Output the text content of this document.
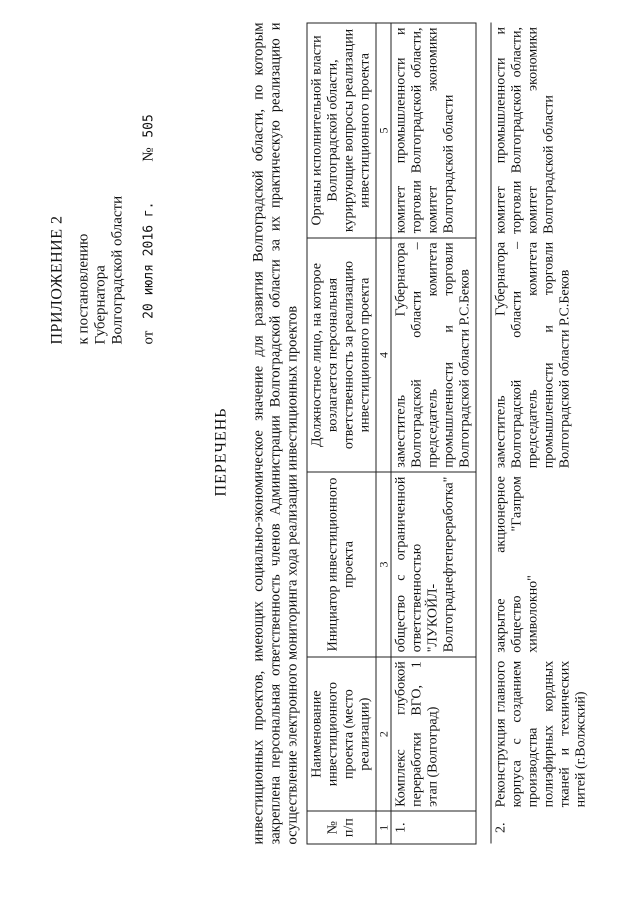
ПРИЛОЖЕНИЕ 2 к постановлению Губернатора Волгоградской области от 20 июля 2016 г. № 505
ПЕРЕЧЕНЬ инвестиционных проектов, имеющих социально-экономическое значение для развития Волгоградской области, по которым закреплена персональная ответственность членов Администрации Волгоградской области за их практическую реализацию и осуществление электронного мониторинга хода реализации инвестиционных проектов № п/п	Наименование инвестиционного проекта (место реализации)	Инициатор инвестиционного проекта	Должностное лицо, на которое возлагается персональная ответственность за реализацию инвестиционного проекта	Органы исполнительной власти Волгоградской области, курирующие вопросы реализации инвестиционного проекта
1	2	3	4	5
1.	Комплекс глубокой переработки ВГО, 1 этап (Волгоград)	общество с ограниченной ответственностью "ЛУКОЙЛ-Волгограднефтепереработка"	заместитель Губернатора Волгоградской области – председатель комитета промышленности и торговли Волгоградской области Р.С.Беков	комитет промышленности и торговли Волгоградской области, комитет экономики Волгоградской области

2.	Реконструкция главного корпуса с созданием производства полиэфирных кордных тканей и технических нитей (г.Волжский)	закрытое акционерное общество "Газпром химволокно"	заместитель Губернатора Волгоградской области – председатель комитета промышленности и торговли Волгоградской области Р.С.Беков	комитет промышленности и торговли Волгоградской области, комитет экономики Волгоградской области
